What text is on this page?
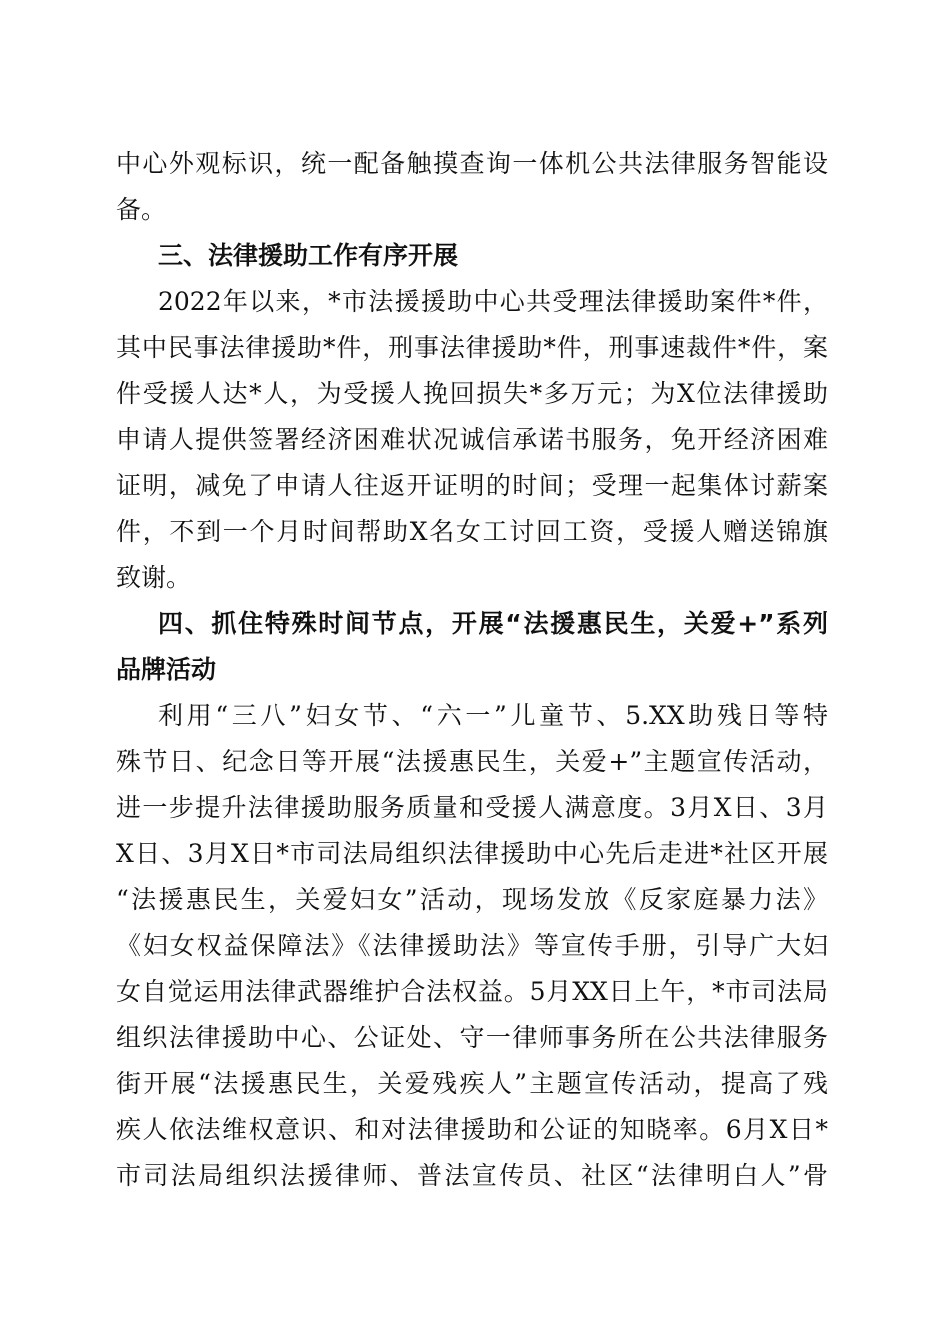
中心外观标识，统一配备触摸查询一体机公共法律服务智能设
备。
三、法律援助工作有序开展
2022年以来，*市法援援助中心共受理法律援助案件*件，
其中民事法律援助*件，刑事法律援助*件，刑事速裁件*件，案
件受援人达*人，为受援人挽回损失*多万元；为X位法律援助
申请人提供签署经济困难状况诚信承诺书服务，免开经济困难
证明，减免了申请人往返开证明的时间；受理一起集体讨薪案
件，不到一个月时间帮助X名女工讨回工资，受援人赠送锦旗
致谢。
四、抓住特殊时间节点，开展“法援惠民生，关爱+”系列
品牌活动
利用“三八”妇女节、“六一”儿童节、5.XX助残日等特
殊节日、纪念日等开展“法援惠民生，关爱+”主题宣传活动，
进一步提升法律援助服务质量和受援人满意度。3月X日、3月
X日、3月X日*市司法局组织法律援助中心先后走进*社区开展
“法援惠民生，关爱妇女”活动，现场发放《反家庭暴力法》
《妇女权益保障法》《法律援助法》等宣传手册，引导广大妇
女自觉运用法律武器维护合法权益。5月XX日上午，*市司法局
组织法律援助中心、公证处、守一律师事务所在公共法律服务
街开展“法援惠民生，关爱残疾人”主题宣传活动，提高了残
疾人依法维权意识、和对法律援助和公证的知晓率。6月X日*
市司法局组织法援律师、普法宣传员、社区“法律明白人”骨
